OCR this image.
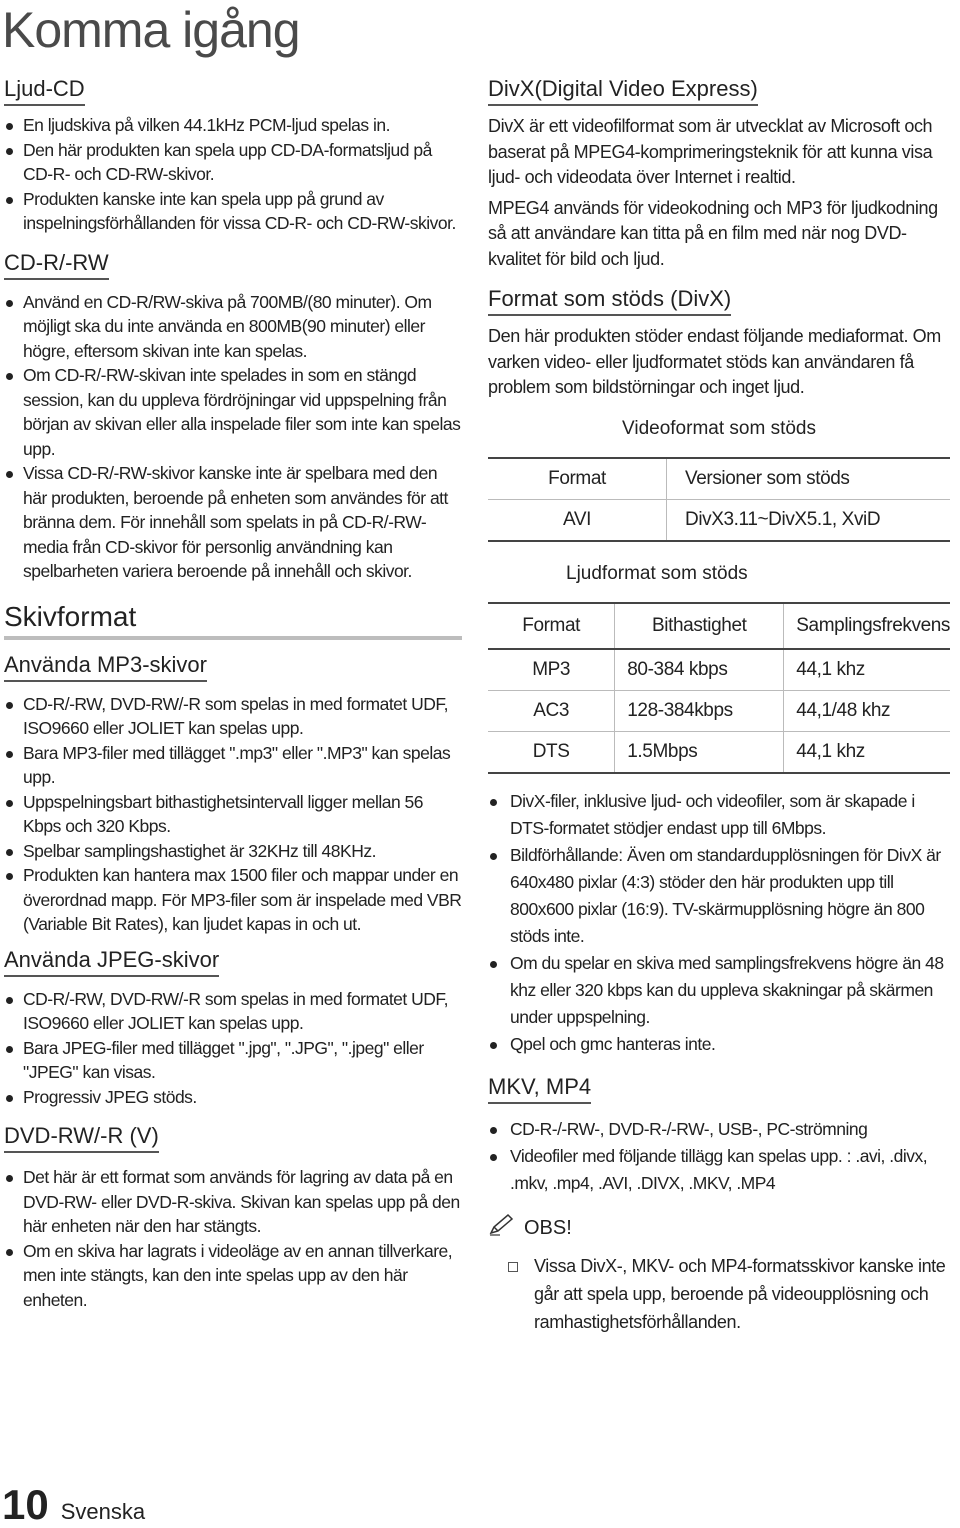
Komma igång
Ljud-CD
En ljudskiva på vilken 44.1kHz PCM-ljud spelas in.
Den här produkten kan spela upp CD-DA-formatsljud på CD-R- och CD-RW-skivor.
Produkten kanske inte kan spela upp på grund av inspelningsförhållanden för vissa CD-R- och CD-RW-skivor.
CD-R/-RW
Använd en CD-R/RW-skiva på 700MB/(80 minuter). Om möjligt ska du inte använda en 800MB(90 minuter) eller högre, eftersom skivan inte kan spelas.
Om CD-R/-RW-skivan inte spelades in som en stängd session, kan du uppleva fördröjningar vid uppspelning från början av skivan eller alla inspelade filer som inte kan spelas upp.
Vissa CD-R/-RW-skivor kanske inte är spelbara med den här produkten, beroende på enheten som användes för att bränna dem. För innehåll som spelats in på CD-R/-RW-media från CD-skivor för personlig användning kan spelbarheten variera beroende på innehåll och skivor.
Skivformat
Använda MP3-skivor
CD-R/-RW, DVD-RW/-R som spelas in med formatet UDF, ISO9660 eller JOLIET kan spelas upp.
Bara MP3-filer med tillägget ".mp3" eller ".MP3" kan spelas upp.
Uppspelningsbart bithastighetsintervall ligger mellan 56 Kbps och 320 Kbps.
Spelbar samplingshastighet är 32KHz till 48KHz.
Produkten kan hantera max 1500 filer och mappar under en överordnad mapp. För MP3-filer som är inspelade med VBR (Variable Bit Rates), kan ljudet kapas in och ut.
Använda JPEG-skivor
CD-R/-RW, DVD-RW/-R som spelas in med formatet UDF, ISO9660 eller JOLIET kan spelas upp.
Bara JPEG-filer med tillägget ".jpg", ".JPG", ".jpeg" eller "JPEG" kan visas.
Progressiv JPEG stöds.
DVD-RW/-R (V)
Det här är ett format som används för lagring av data på en DVD-RW- eller DVD-R-skiva. Skivan kan spelas upp på den här enheten när den har stängts.
Om en skiva har lagrats i videoläge av en annan tillverkare, men inte stängts, kan den inte spelas upp av den här enheten.
DivX(Digital Video Express)

DivX är ett videofilformat som är utvecklat av Microsoft och baserat på MPEG4-komprimeringsteknik för att kunna visa ljud- och videodata över Internet i realtid.

MPEG4 används för videokodning och MP3 för ljudkodning så att användare kan titta på en film med när nog DVD-kvalitet för bild och ljud.

Format som stöds (DivX)

Den här produkten stöder endast följande mediaformat. Om varken video- eller ljudformatet stöds kan användaren få problem som bildstörningar och inget ljud.

Videoformat som stöds
Format	Versioner som stöds
AVI	DivX3.11~DivX5.1, XviD
Ljudformat som stöds
Format	Bithastighet	Samplingsfrekvens
MP3	80-384 kbps	44,1 khz
AC3	128-384kbps	44,1/48 khz
DTS	1.5Mbps	44,1 khz
DivX-filer, inklusive ljud- och videofiler, som är skapade i DTS-formatet stödjer endast upp till 6Mbps.
Bildförhållande: Även om standardupplösningen för DivX är 640x480 pixlar (4:3) stöder den här produkten upp till 800x600 pixlar (16:9). TV-skärmupplösning högre än 800 stöds inte.
Om du spelar en skiva med samplingsfrekvens högre än 48 khz eller 320 kbps kan du uppleva skakningar på skärmen under uppspelning.
Qpel och gmc hanteras inte.
MKV, MP4
CD-R-/-RW-, DVD-R-/-RW-, USB-, PC-strömning
Videofiler med följande tillägg kan spelas upp. : .avi, .divx, .mkv, .mp4, .AVI, .DIVX, .MKV, .MP4
OBS!
Vissa DivX-, MKV- och MP4-formatsskivor kanske inte går att spela upp, beroende på videoupplösning och ramhastighetsförhållanden.
10 Svenska
